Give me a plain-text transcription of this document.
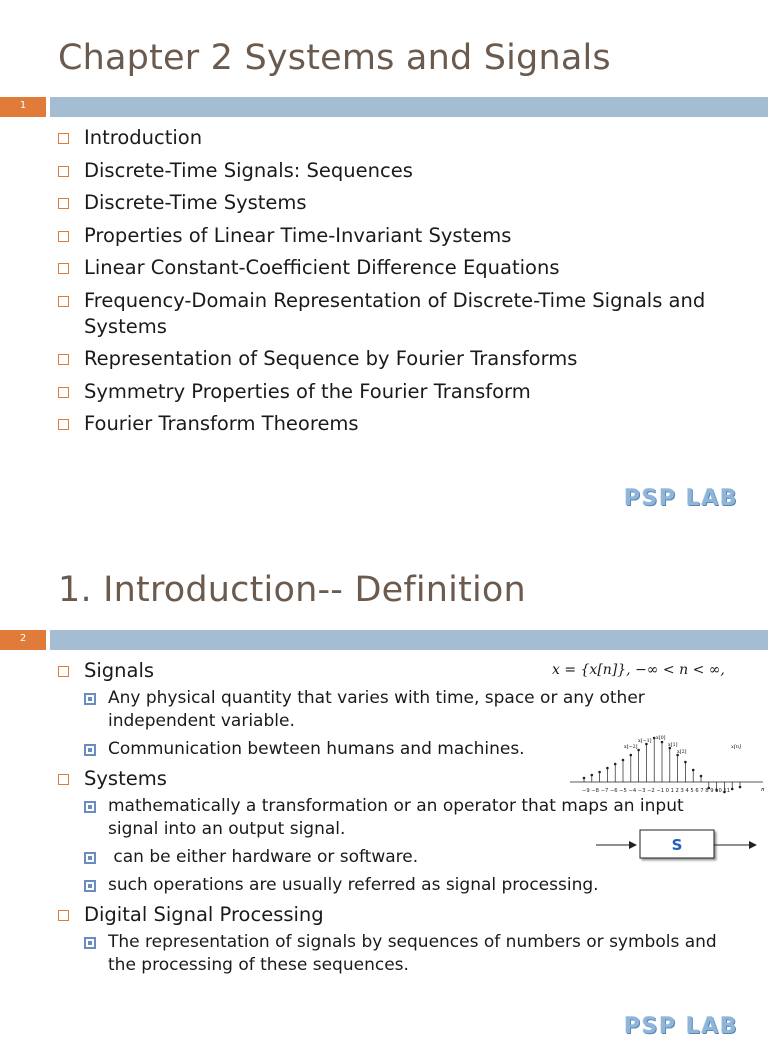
Chapter 2 Systems and Signals
1
Introduction
Discrete-Time Signals: Sequences
Discrete-Time Systems
Properties of Linear Time-Invariant Systems
Linear Constant-Coefficient Difference Equations
Frequency-Domain Representation of Discrete-Time Signals and Systems
Representation of Sequence by Fourier Transforms
Symmetry Properties of the Fourier Transform
Fourier Transform Theorems
PSP LAB
1. Introduction-- Definition
2
Signals
Any physical quantity that varies with time, space or any other independent variable.
Communication bewteen humans and machines.
Systems
mathematically a transformation or an operator that maps an input signal into an output signal.
can be either hardware or software.
such operations are usually referred as signal processing.
Digital Signal Processing
The representation of signals by sequences of numbers or symbols and the processing of these sequences.
x = {x[n]}, −∞ < n < ∞,
−9 −8 −7 −6 −5 −4 −3 −2 −1 0 1 2 3 4 5 6 7 8 9 10 11	n
x[−2]
x[−1]
x[0]
x[1]
x[2]
x[n]
S
PSP LAB
